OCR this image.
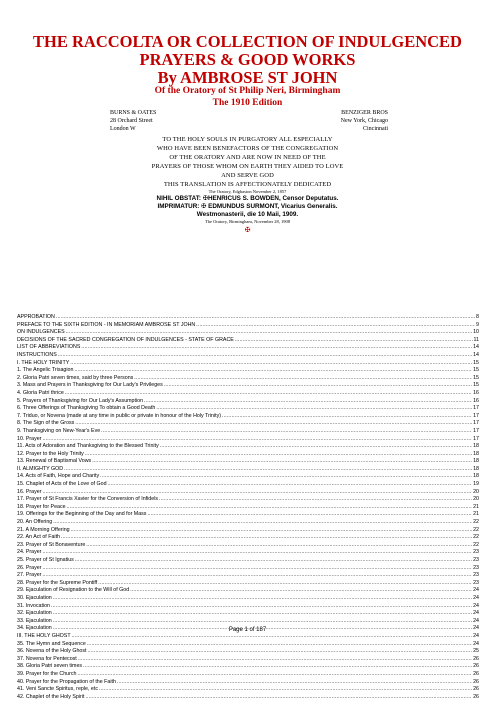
THE RACCOLTA OR COLLECTION OF INDULGENCED
PRAYERS & GOOD WORKS
By AMBROSE ST JOHN
Of the Oratory of St Philip Neri, Birmingham
The 1910 Edition
BURNS & OATES
28 Orchard Street
London W
BENZIGER BROS
New York, Chicago
Cincinnati
TO THE HOLY SOULS IN PURGATORY ALL ESPECIALLY
WHO HAVE BEEN BENEFACTORS OF THE CONGREGATION
OF THE ORATORY AND ARE NOW IN NEED OF THE
PRAYERS OF THOSE WHOM ON EARTH THEY AIDED TO LOVE
AND SERVE GOD
THIS TRANSLATION IS AFFECTIONATELY DEDICATED
The Oratory, Edgbaston November 2, 1857
NIHIL OBSTAT: ✠HENRICUS S. BOWDEN, Censor Deputatus.
IMPRIMATUR: ✠ EDMUNDUS SURMONT, Vicarius Generalis.
Westmonasterii, die 10 Maii, 1909.
The Oratory, Birmingham, November 28, 1908
✠
APPROBATION .....	8
PREFACE TO THE SIXTH EDITION - IN MEMORIAM AMBROSE ST JOHN .....	9
ON INDULGENCES .....	10
DECISIONS OF THE SACRED CONGREGATION OF INDULGENCES - STATE OF GRACE .....	11
LIST OF ABBREVIATIONS .....	14
INSTRUCTIONS .....	14
I. THE HOLY TRINITY .....	15
1. The Angelic Trisagion .....	15
2. Gloria Patri seven times, said by three Persons .....	15
3. Mass and Prayers in Thanksgiving for Our Lady's Privileges .....	15
4. Gloria Patri thrice .....	16
5. Prayers of Thanksgiving for Our Lady's Assumption .....	16
6. Three Offerings of Thanksgiving To obtain a Good Death .....	17
7. Triduo, or Novena (made at any time in public or private in honour of the Holy Trinity) .....	17
8. The Sign of the Gross .....	17
9. Thanksgiving on New-Year's Eve .....	17
10. Prayer .....	17
11. Acts of Adoration and Thanksgiving to the Blessed Trinity .....	18
12. Prayer to the Holy Trinity .....	18
13. Renewal of Baptismal Vows .....	18
II. ALMIGHTY GOD .....	18
14. Acts of Faith, Hope and Charity .....	18
15. Chaplet of Acts of the Love of God .....	19
16. Prayer .....	20
17. Prayer of St Francis Xavier for the Conversion of Infidels .....	20
18. Prayer for Peace .....	21
19. Offerings for the Beginning of the Day and for Mass .....	21
20. An Offering .....	22
21. A Morning Offering .....	22
22. An Act of Faith .....	22
23. Prayer of St Bonaventure .....	22
24. Prayer .....	23
25. Prayer of St Ignatius .....	23
26. Prayer .....	23
27. Prayer .....	23
28. Prayer for the Supreme Pontiff .....	23
29. Ejaculation of Resignation to the Will of God .....	24
30. Ejaculation .....	24
31. Invocation .....	24
32. Ejaculation .....	24
33. Ejaculation .....	24
34. Ejaculation .....	24
III. THE HOLY GHOST .....	24
35. The Hymn and Sequence .....	24
36. Novena of the Holy Ghost .....	25
37. Novena for Pentecost .....	26
38. Gloria Patri seven times .....	26
39. Prayer for the Church .....	26
40. Prayer for the Propagation of the Faith .....	26
41. Veni Sancte Spiritus, reple, etc .....	26
42. Chaplet of the Holy Spirit .....	26
Page 1 of 187
